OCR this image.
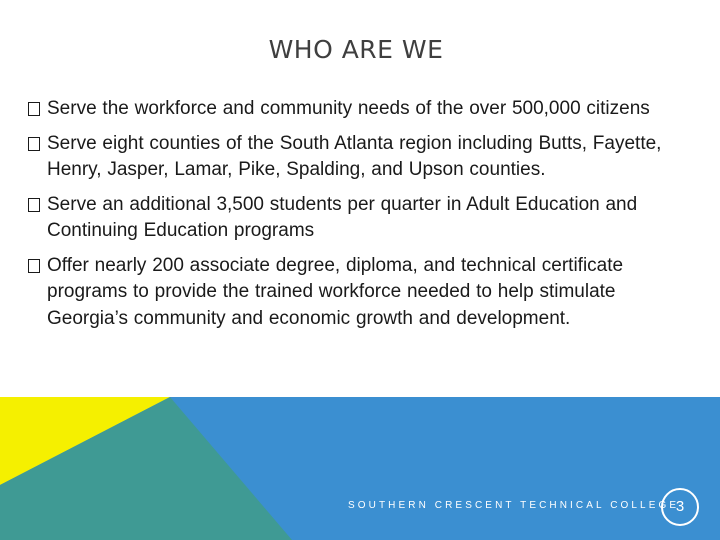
WHO ARE WE
Serve the workforce and community needs of the over 500,000 citizens
Serve eight counties of the South Atlanta region including Butts, Fayette, Henry, Jasper, Lamar, Pike, Spalding, and Upson counties.
Serve an additional 3,500 students per quarter in Adult Education and Continuing Education programs
Offer nearly 200 associate degree, diploma, and technical certificate programs to provide the trained workforce needed to help stimulate Georgia’s community and economic growth and development.
SOUTHERN CRESCENT TECHNICAL COLLEGE
3
